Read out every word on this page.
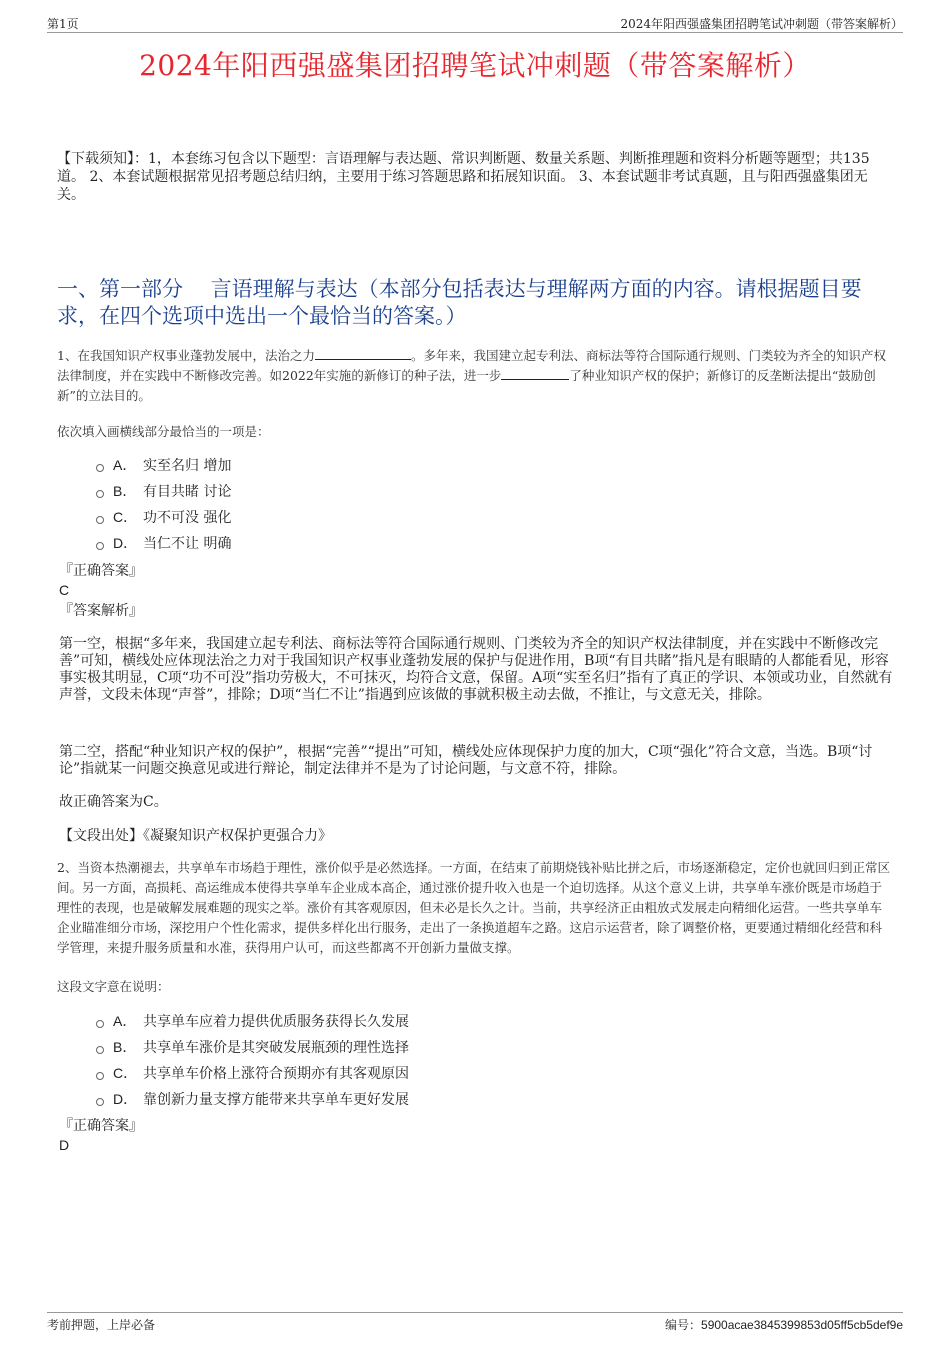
第1页	2024年阳西强盛集团招聘笔试冲刺题（带答案解析）
2024年阳西强盛集团招聘笔试冲刺题（带答案解析）
【下载须知】：1，本套练习包含以下题型：言语理解与表达题、常识判断题、数量关系题、判断推理题和资料分析题等题型；共135道。 2、本套试题根据常见招考题总结归纳，主要用于练习答题思路和拓展知识面。 3、本套试题非考试真题，且与阳西强盛集团无关。
一、第一部分　 言语理解与表达（本部分包括表达与理解两方面的内容。请根据题目要求，在四个选项中选出一个最恰当的答案。）
1、在我国知识产权事业蓬勃发展中，法治之力	。多年来，我国建立起专利法、商标法等符合国际通行规则、门类较为齐全的知识产权法律制度，并在实践中不断修改完善。如2022年实施的新修订的种子法，进一步	了种业知识产权的保护；新修订的反垄断法提出“鼓励创新”的立法目的。
依次填入画横线部分最恰当的一项是：
A． 实至名归 增加
B． 有目共睹 讨论
C． 功不可没 强化
D． 当仁不让 明确
『正确答案』
C
『答案解析』
第一空，根据“多年来，我国建立起专利法、商标法等符合国际通行规则、门类较为齐全的知识产权法律制度，并在实践中不断修改完善”可知，横线处应体现法治之力对于我国知识产权事业蓬勃发展的保护与促进作用，B项“有目共睹”指凡是有眼睛的人都能看见，形容事实极其明显，C项“功不可没”指功劳极大，不可抹灭，均符合文意，保留。A项“实至名归”指有了真正的学识、本领或功业，自然就有声誉，文段未体现“声誉”，排除；D项“当仁不让”指遇到应该做的事就积极主动去做，不推让，与文意无关，排除。
第二空，搭配“种业知识产权的保护”，根据“完善”“提出”可知，横线处应体现保护力度的加大，C项“强化”符合文意，当选。B项“讨论”指就某一问题交换意见或进行辩论，制定法律并不是为了讨论问题，与文意不符，排除。
故正确答案为C。
【文段出处】《凝聚知识产权保护更强合力》
2、当资本热潮褪去，共享单车市场趋于理性，涨价似乎是必然选择。一方面，在结束了前期烧钱补贴比拼之后，市场逐渐稳定，定价也就回归到正常区间。另一方面，高损耗、高运维成本使得共享单车企业成本高企，通过涨价提升收入也是一个迫切选择。从这个意义上讲，共享单车涨价既是市场趋于理性的表现，也是破解发展难题的现实之举。涨价有其客观原因，但未必是长久之计。当前，共享经济正由粗放式发展走向精细化运营。一些共享单车企业瞄准细分市场，深挖用户个性化需求，提供多样化出行服务，走出了一条换道超车之路。这启示运营者，除了调整价格，更要通过精细化经营和科学管理，来提升服务质量和水准，获得用户认可，而这些都离不开创新力量做支撑。
这段文字意在说明：
A． 共享单车应着力提供优质服务获得长久发展
B． 共享单车涨价是其突破发展瓶颈的理性选择
C． 共享单车价格上涨符合预期亦有其客观原因
D． 靠创新力量支撑方能带来共享单车更好发展
『正确答案』
D
考前押题，上岸必备	编号：5900acae3845399853d05ff5cb5def9e
